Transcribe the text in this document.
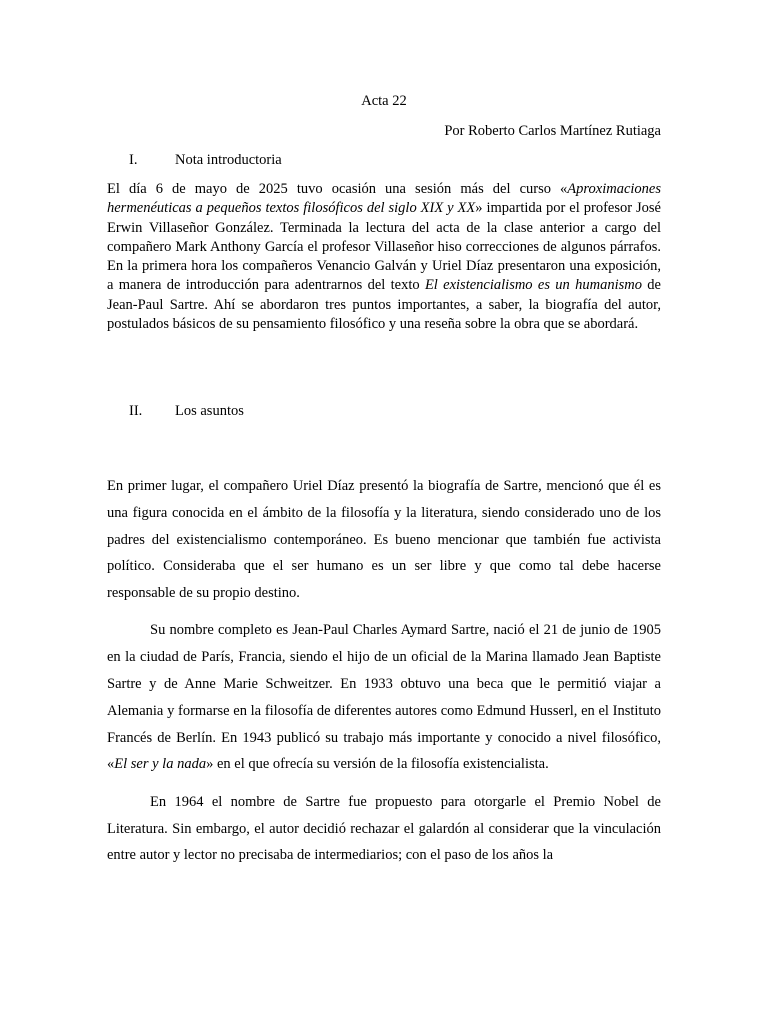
Acta 22
Por Roberto Carlos Martínez Rutiaga
I.	Nota introductoria

El día 6 de mayo de 2025 tuvo ocasión una sesión más del curso «Aproximaciones hermenéuticas a pequeños textos filosóficos del siglo XIX y XX» impartida por el profesor José Erwin Villaseñor González. Terminada la lectura del acta de la clase anterior a cargo del compañero Mark Anthony García el profesor Villaseñor hiso correcciones de algunos párrafos. En la primera hora los compañeros Venancio Galván y Uriel Díaz presentaron una exposición, a manera de introducción para adentrarnos del texto El existencialismo es un humanismo de Jean-Paul Sartre. Ahí se abordaron tres puntos importantes, a saber, la biografía del autor, postulados básicos de su pensamiento filosófico y una reseña sobre la obra que se abordará.

II. Los asuntos

En primer lugar, el compañero Uriel Díaz presentó la biografía de Sartre, mencionó que él es una figura conocida en el ámbito de la filosofía y la literatura, siendo considerado uno de los padres del existencialismo contemporáneo. Es bueno mencionar que también fue activista político. Consideraba que el ser humano es un ser libre y que como tal debe hacerse responsable de su propio destino.

Su nombre completo es Jean-Paul Charles Aymard Sartre, nació el 21 de junio de 1905 en la ciudad de París, Francia, siendo el hijo de un oficial de la Marina llamado Jean Baptiste Sartre y de Anne Marie Schweitzer. En 1933 obtuvo una beca que le permitió viajar a Alemania y formarse en la filosofía de diferentes autores como Edmund Husserl, en el Instituto Francés de Berlín. En 1943 publicó su trabajo más importante y conocido a nivel filosófico, «El ser y la nada» en el que ofrecía su versión de la filosofía existencialista.

En 1964 el nombre de Sartre fue propuesto para otorgarle el Premio Nobel de Literatura. Sin embargo, el autor decidió rechazar el galardón al considerar que la vinculación entre autor y lector no precisaba de intermediarios; con el paso de los años la
